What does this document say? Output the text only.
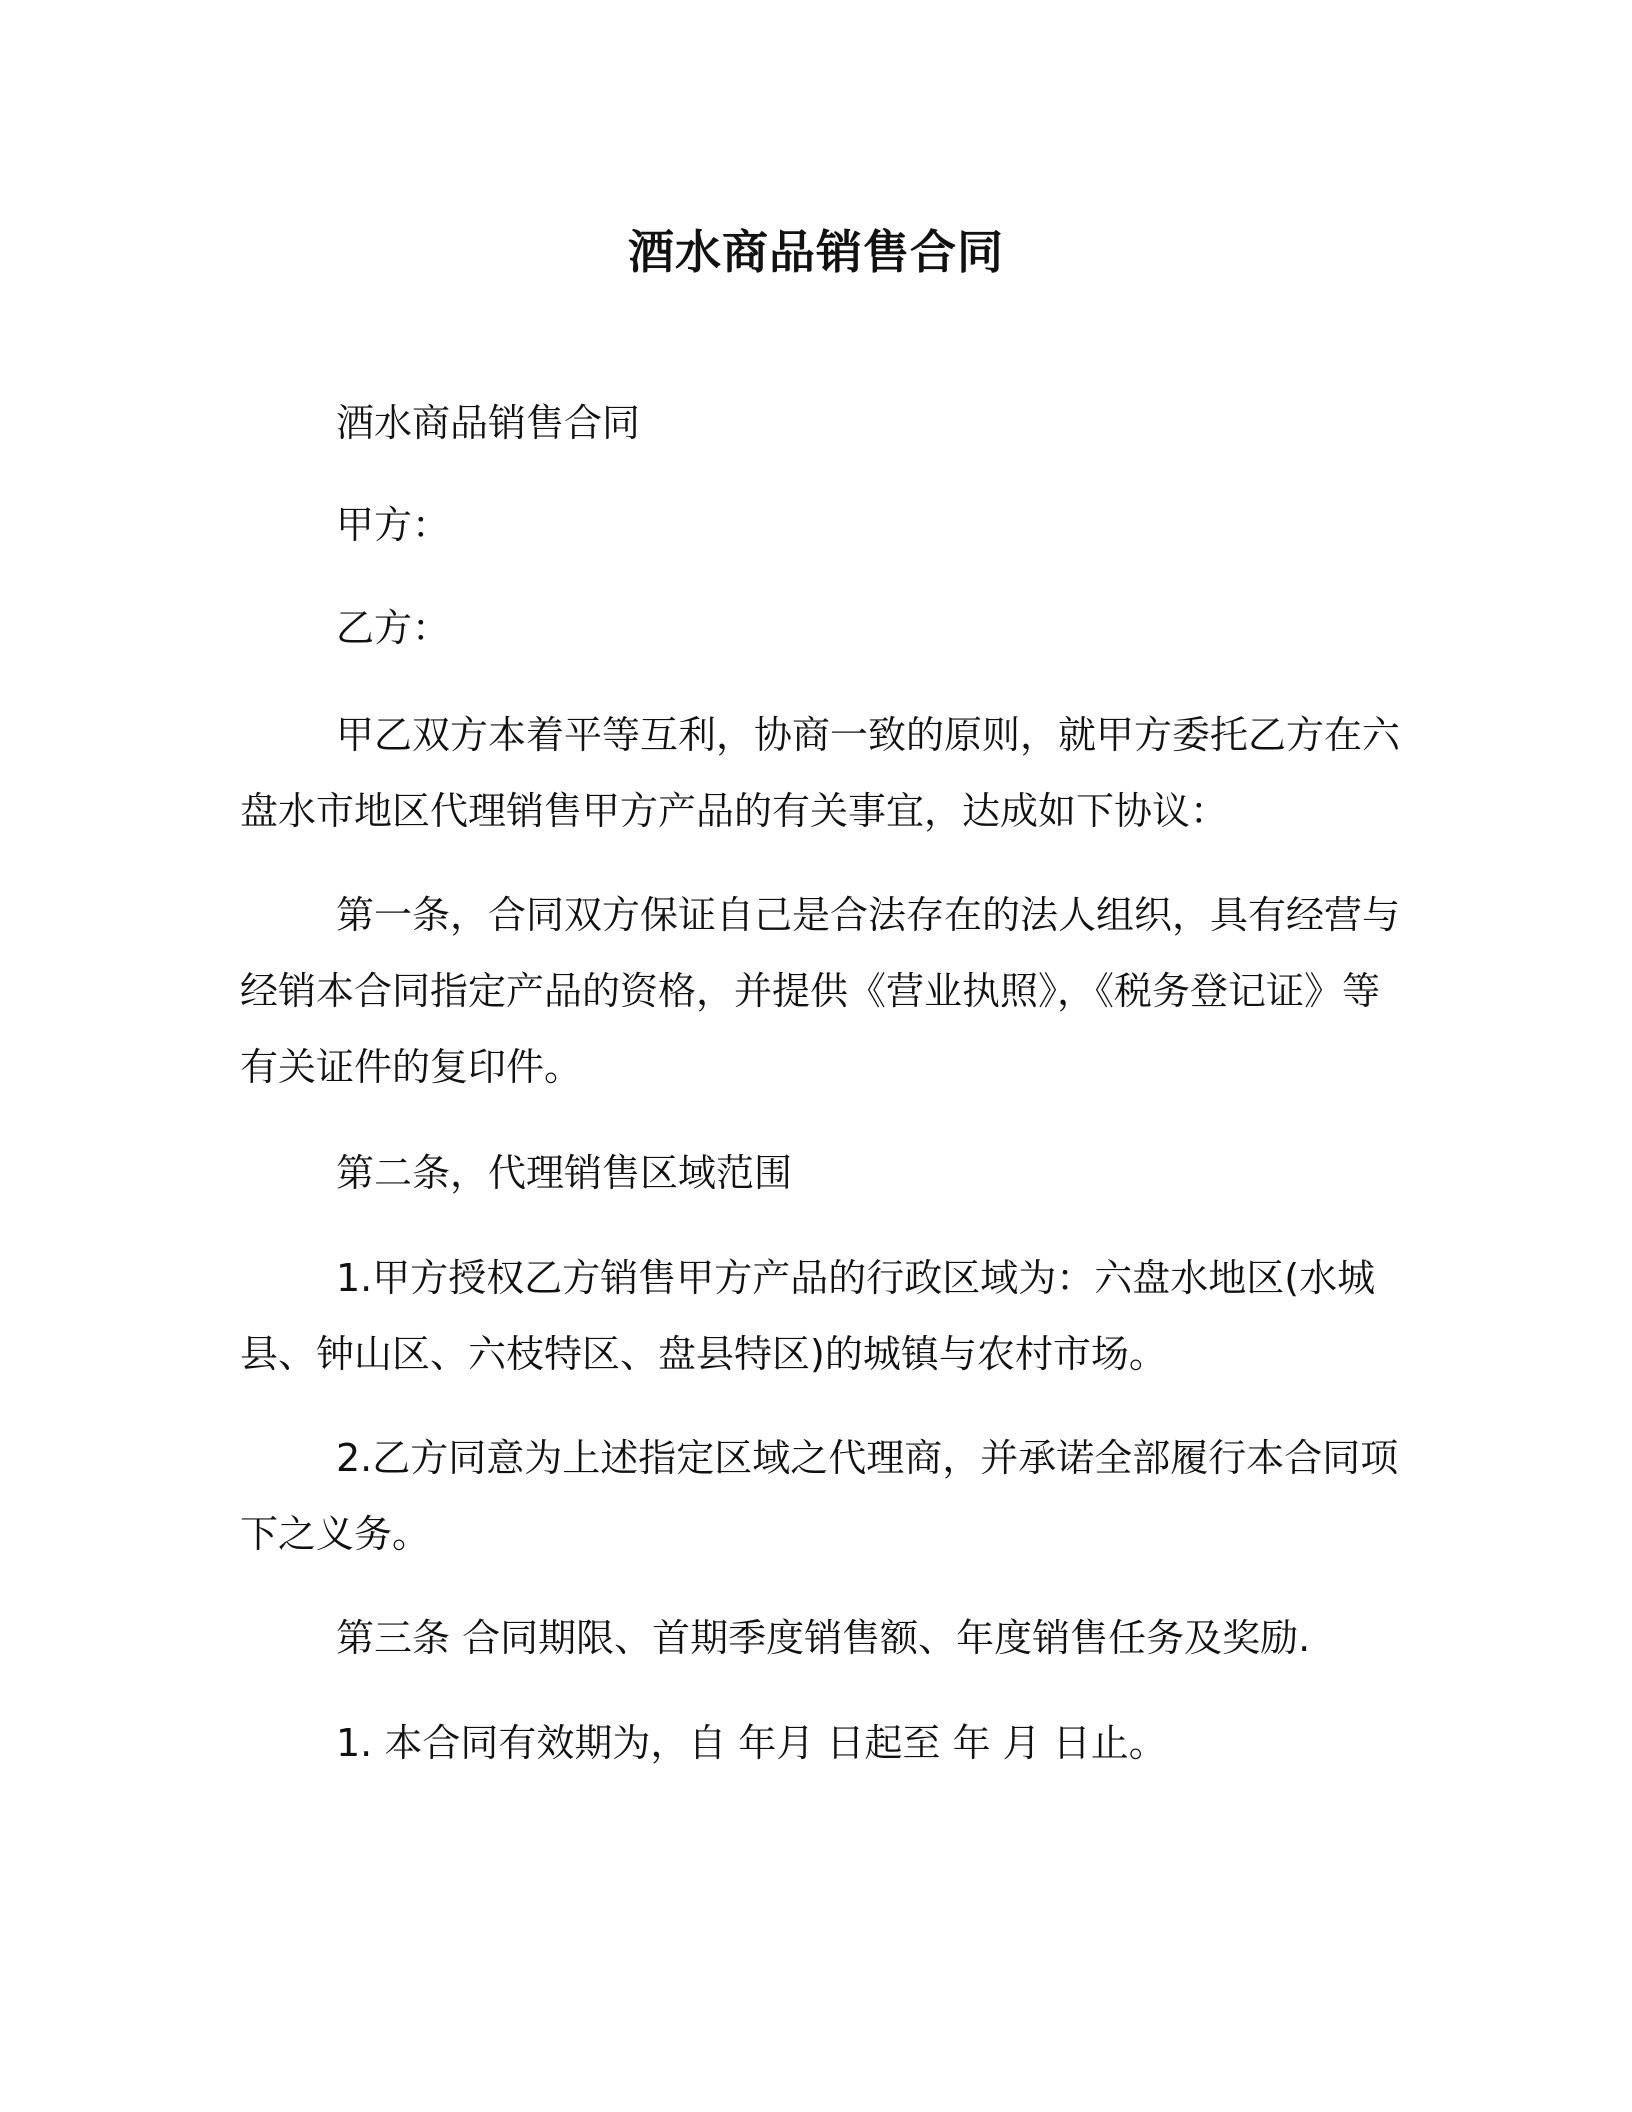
酒水商品销售合同

酒水商品销售合同

甲方：

乙方：

甲乙双方本着平等互利，协商一致的原则，就甲方委托乙方在六盘水市地区代理销售甲方产品的有关事宜，达成如下协议：

第一条，合同双方保证自己是合法存在的法人组织，具有经营与经销本合同指定产品的资格，并提供《营业执照》，《税务登记证》等有关证件的复印件。

第二条，代理销售区域范围

1.甲方授权乙方销售甲方产品的行政区域为：六盘水地区(水城县、钟山区、六枝特区、盘县特区)的城镇与农村市场。

2.乙方同意为上述指定区域之代理商，并承诺全部履行本合同项下之义务。

第三条 合同期限、首期季度销售额、年度销售任务及奖励.

1. 本合同有效期为，自 年月 日起至 年 月 日止。
